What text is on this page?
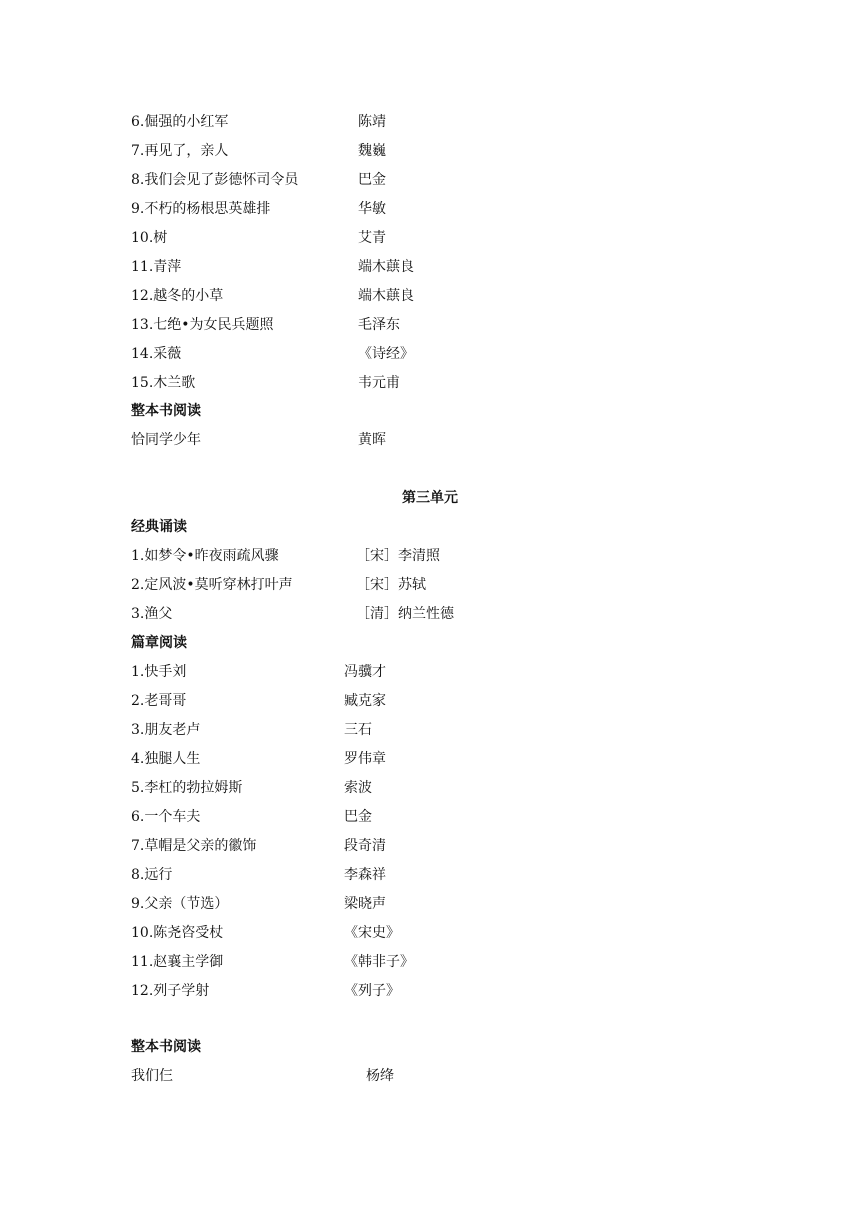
6.倔强的小红军	陈靖
7.再见了，亲人	魏巍
8.我们会见了彭德怀司令员	巴金
9.不朽的杨根思英雄排	华敏
10.树	艾青
11.青萍	端木蕻良
12.越冬的小草	端木蕻良
13.七绝•为女民兵题照	毛泽东
14.采薇	《诗经》
15.木兰歌	韦元甫
整本书阅读
恰同学少年	黄晖
第三单元
经典诵读
1.如梦令•昨夜雨疏风骤	［宋］李清照
2.定风波•莫听穿林打叶声	［宋］苏轼
3.渔父	［清］纳兰性德
篇章阅读
1.快手刘	冯骥才
2.老哥哥	臧克家
3.朋友老卢	三石
4.独腿人生	罗伟章
5.李杠的勃拉姆斯	索波
6.一个车夫	巴金
7.草帽是父亲的徽饰	段奇清
8.远行	李森祥
9.父亲（节选）	梁晓声
10.陈尧咨受杖	《宋史》
11.赵襄主学御	《韩非子》
12.列子学射	《列子》
整本书阅读
我们仨	杨绛
